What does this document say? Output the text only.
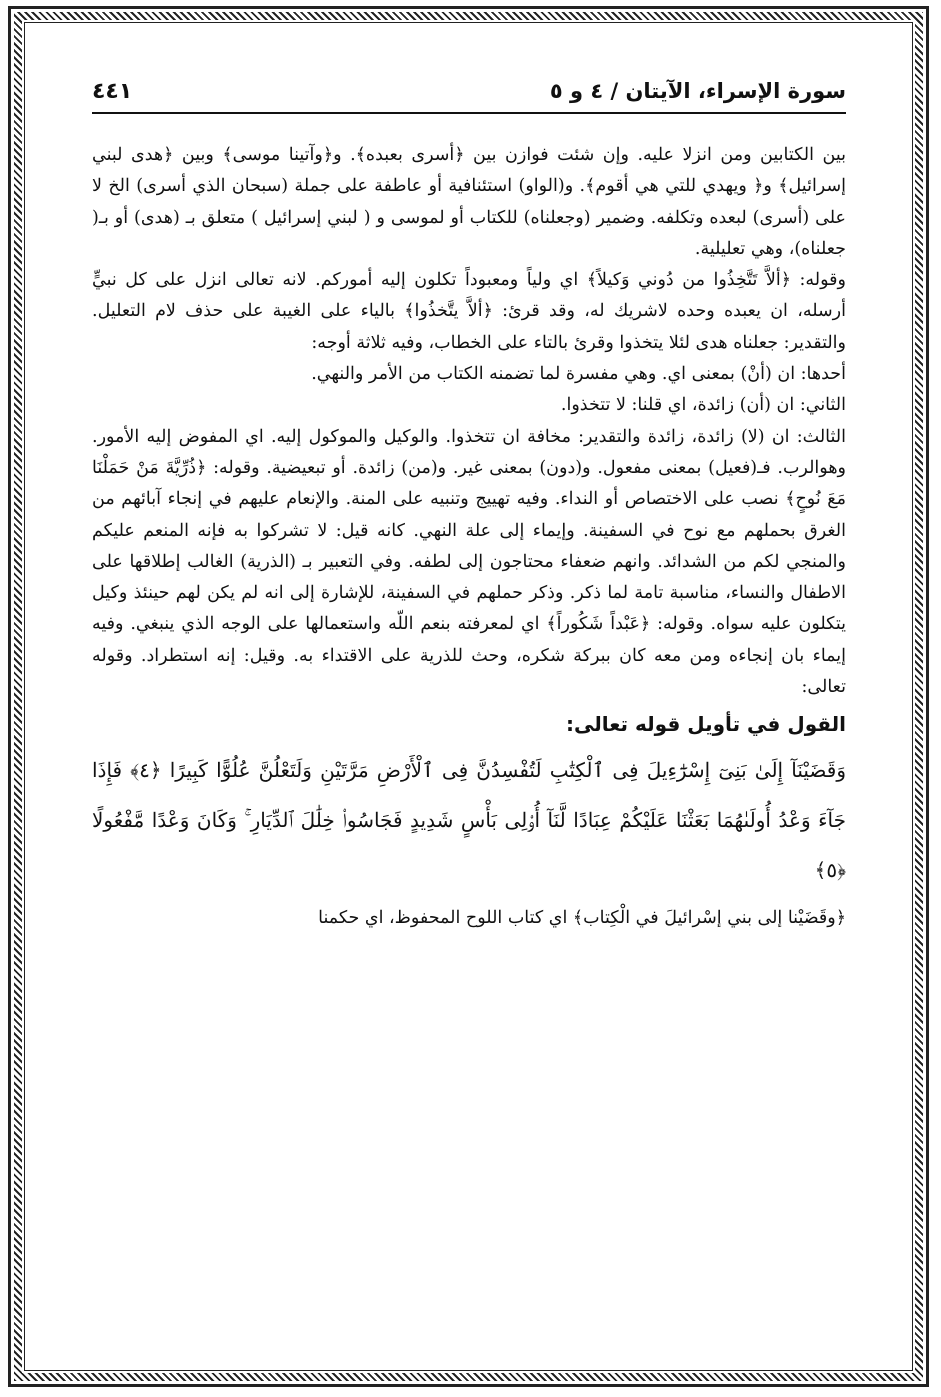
سورة الإسراء، الآيتان / ٤ و ٥
٤٤١

بين الكتابين ومن انزلا عليه. وإن شئت فوازن بين ﴿أسرى بعبده﴾. و﴿وآتينا موسى﴾ وبين ﴿هدى لبني إسرائيل﴾ و﴿ ويهدي للتي هي أقوم﴾. و(الواو) استئنافية أو عاطفة على جملة (سبحان الذي أسرى) الخ لا على (أسرى) لبعده وتكلفه. وضمير (وجعلناه) للكتاب أو لموسى و ( لبني إسرائيل ) متعلق بـ (هدى) أو بـ( جعلناه)، وهي تعليلية.

وقوله: ﴿ألاَّ تَتَّخِذُوا من دُوني وَكيلاً﴾ اي ولياً ومعبوداً تكلون إليه أموركم. لانه تعالى انزل على كل نبيٍّ أرسله، ان يعبده وحده لاشريك له، وقد قرئ: ﴿ألاَّ يتَّخذُوا﴾ بالياء على الغيبة على حذف لام التعليل. والتقدير: جعلناه هدى لئلا يتخذوا وقرئ بالتاء على الخطاب، وفيه ثلاثة أوجه:

أحدها: ان (أنْ) بمعنى اي. وهي مفسرة لما تضمنه الكتاب من الأمر والنهي.

الثاني: ان (أن) زائدة، اي قلنا: لا تتخذوا.

الثالث: ان (لا) زائدة، زائدة والتقدير: مخافة ان تتخذوا. والوكيل والموكول إليه. اي المفوض إليه الأمور. وهوالرب. فـ(فعيل) بمعنى مفعول. و(دون) بمعنى غير. و(من) زائدة. أو تبعيضية. وقوله: ﴿ذُرِّيَّةَ مَنْ حَمَلْنَا مَعَ نُوحٍ﴾ نصب على الاختصاص أو النداء. وفيه تهييج وتنبيه على المنة. والإنعام عليهم في إنجاء آبائهم من الغرق بحملهم مع نوح في السفينة. وإيماء إلى علة النهي. كانه قيل: لا تشركوا به فإنه المنعم عليكم والمنجي لكم من الشدائد. وانهم ضعفاء محتاجون إلى لطفه. وفي التعبير بـ (الذرية) الغالب إطلاقها على الاطفال والنساء، مناسبة تامة لما ذكر. وذكر حملهم في السفينة، للإشارة إلى انه لم يكن لهم حينئذ وكيل يتكلون عليه سواه. وقوله: ﴿عَبْداً شَكُوراً﴾ اي لمعرفته بنعم اللّه واستعمالها على الوجه الذي ينبغي. وفيه إيماء بان إنجاءه ومن معه كان ببركة شكره، وحث للذرية على الاقتداء به. وقيل: إنه استطراد. وقوله تعالى:

القول في تأويل قوله تعالى:
وَقَضَيْنَآ إِلَىٰ بَنِىٓ إِسْرَٰٓءِيلَ فِى ٱلْكِتَٰبِ لَتُفْسِدُنَّ فِى ٱلْأَرْضِ مَرَّتَيْنِ وَلَتَعْلُنَّ عُلُوًّا كَبِيرًا ﴿٤﴾ فَإِذَا جَآءَ وَعْدُ أُولَىٰهُمَا بَعَثْنَا عَلَيْكُمْ عِبَادًا لَّنَآ أُو۟لِى بَأْسٍ شَدِيدٍ فَجَاسُوا۟ خِلَٰلَ ٱلدِّيَارِ ۚ وَكَانَ وَعْدًا مَّفْعُولًا ﴿٥﴾

﴿وقَضَيْنا إلى بني إسْرائيلَ في الْكِتاب﴾ اي كتاب اللوح المحفوظ، اي حكمنا
